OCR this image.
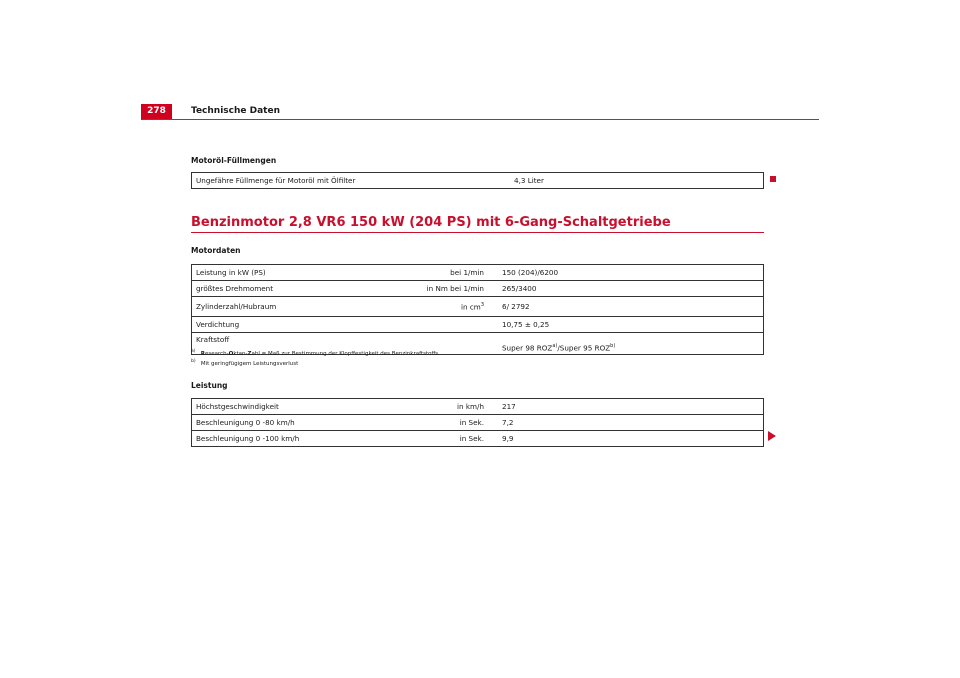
278	Technische Daten
Motoröl-Füllmengen
Ungefähre Füllmenge für Motoröl mit Ölfilter	4,3 Liter
Benzinmotor 2,8 VR6 150 kW (204 PS) mit 6-Gang-Schaltgetriebe
Motordaten
Leistung in kW (PS)	bei 1/min	150 (204)/6200
größtes Drehmoment	in Nm bei 1/min	265/3400
Zylinderzahl/Hubraum	in $cm^3$	6/ 2792
Verdichtung		10,75 ± 0,25
Kraftstoff		Super 98 ROZ$^{a)}$/Super 95 ROZ$^{b)}$
$^{a)}$ Research-Oktan-Zahl = Maß zur Bestimmung der Klopffestigkeit des Benzinkraftstoffs.
$^{b)}$ Mit geringfügigem Leistungsverlust
Leistung
Höchstgeschwindigkeit	in km/h	217
Beschleunigung 0 -80 km/h	in Sek.	7,2
Beschleunigung 0 -100 km/h	in Sek.	9,9
